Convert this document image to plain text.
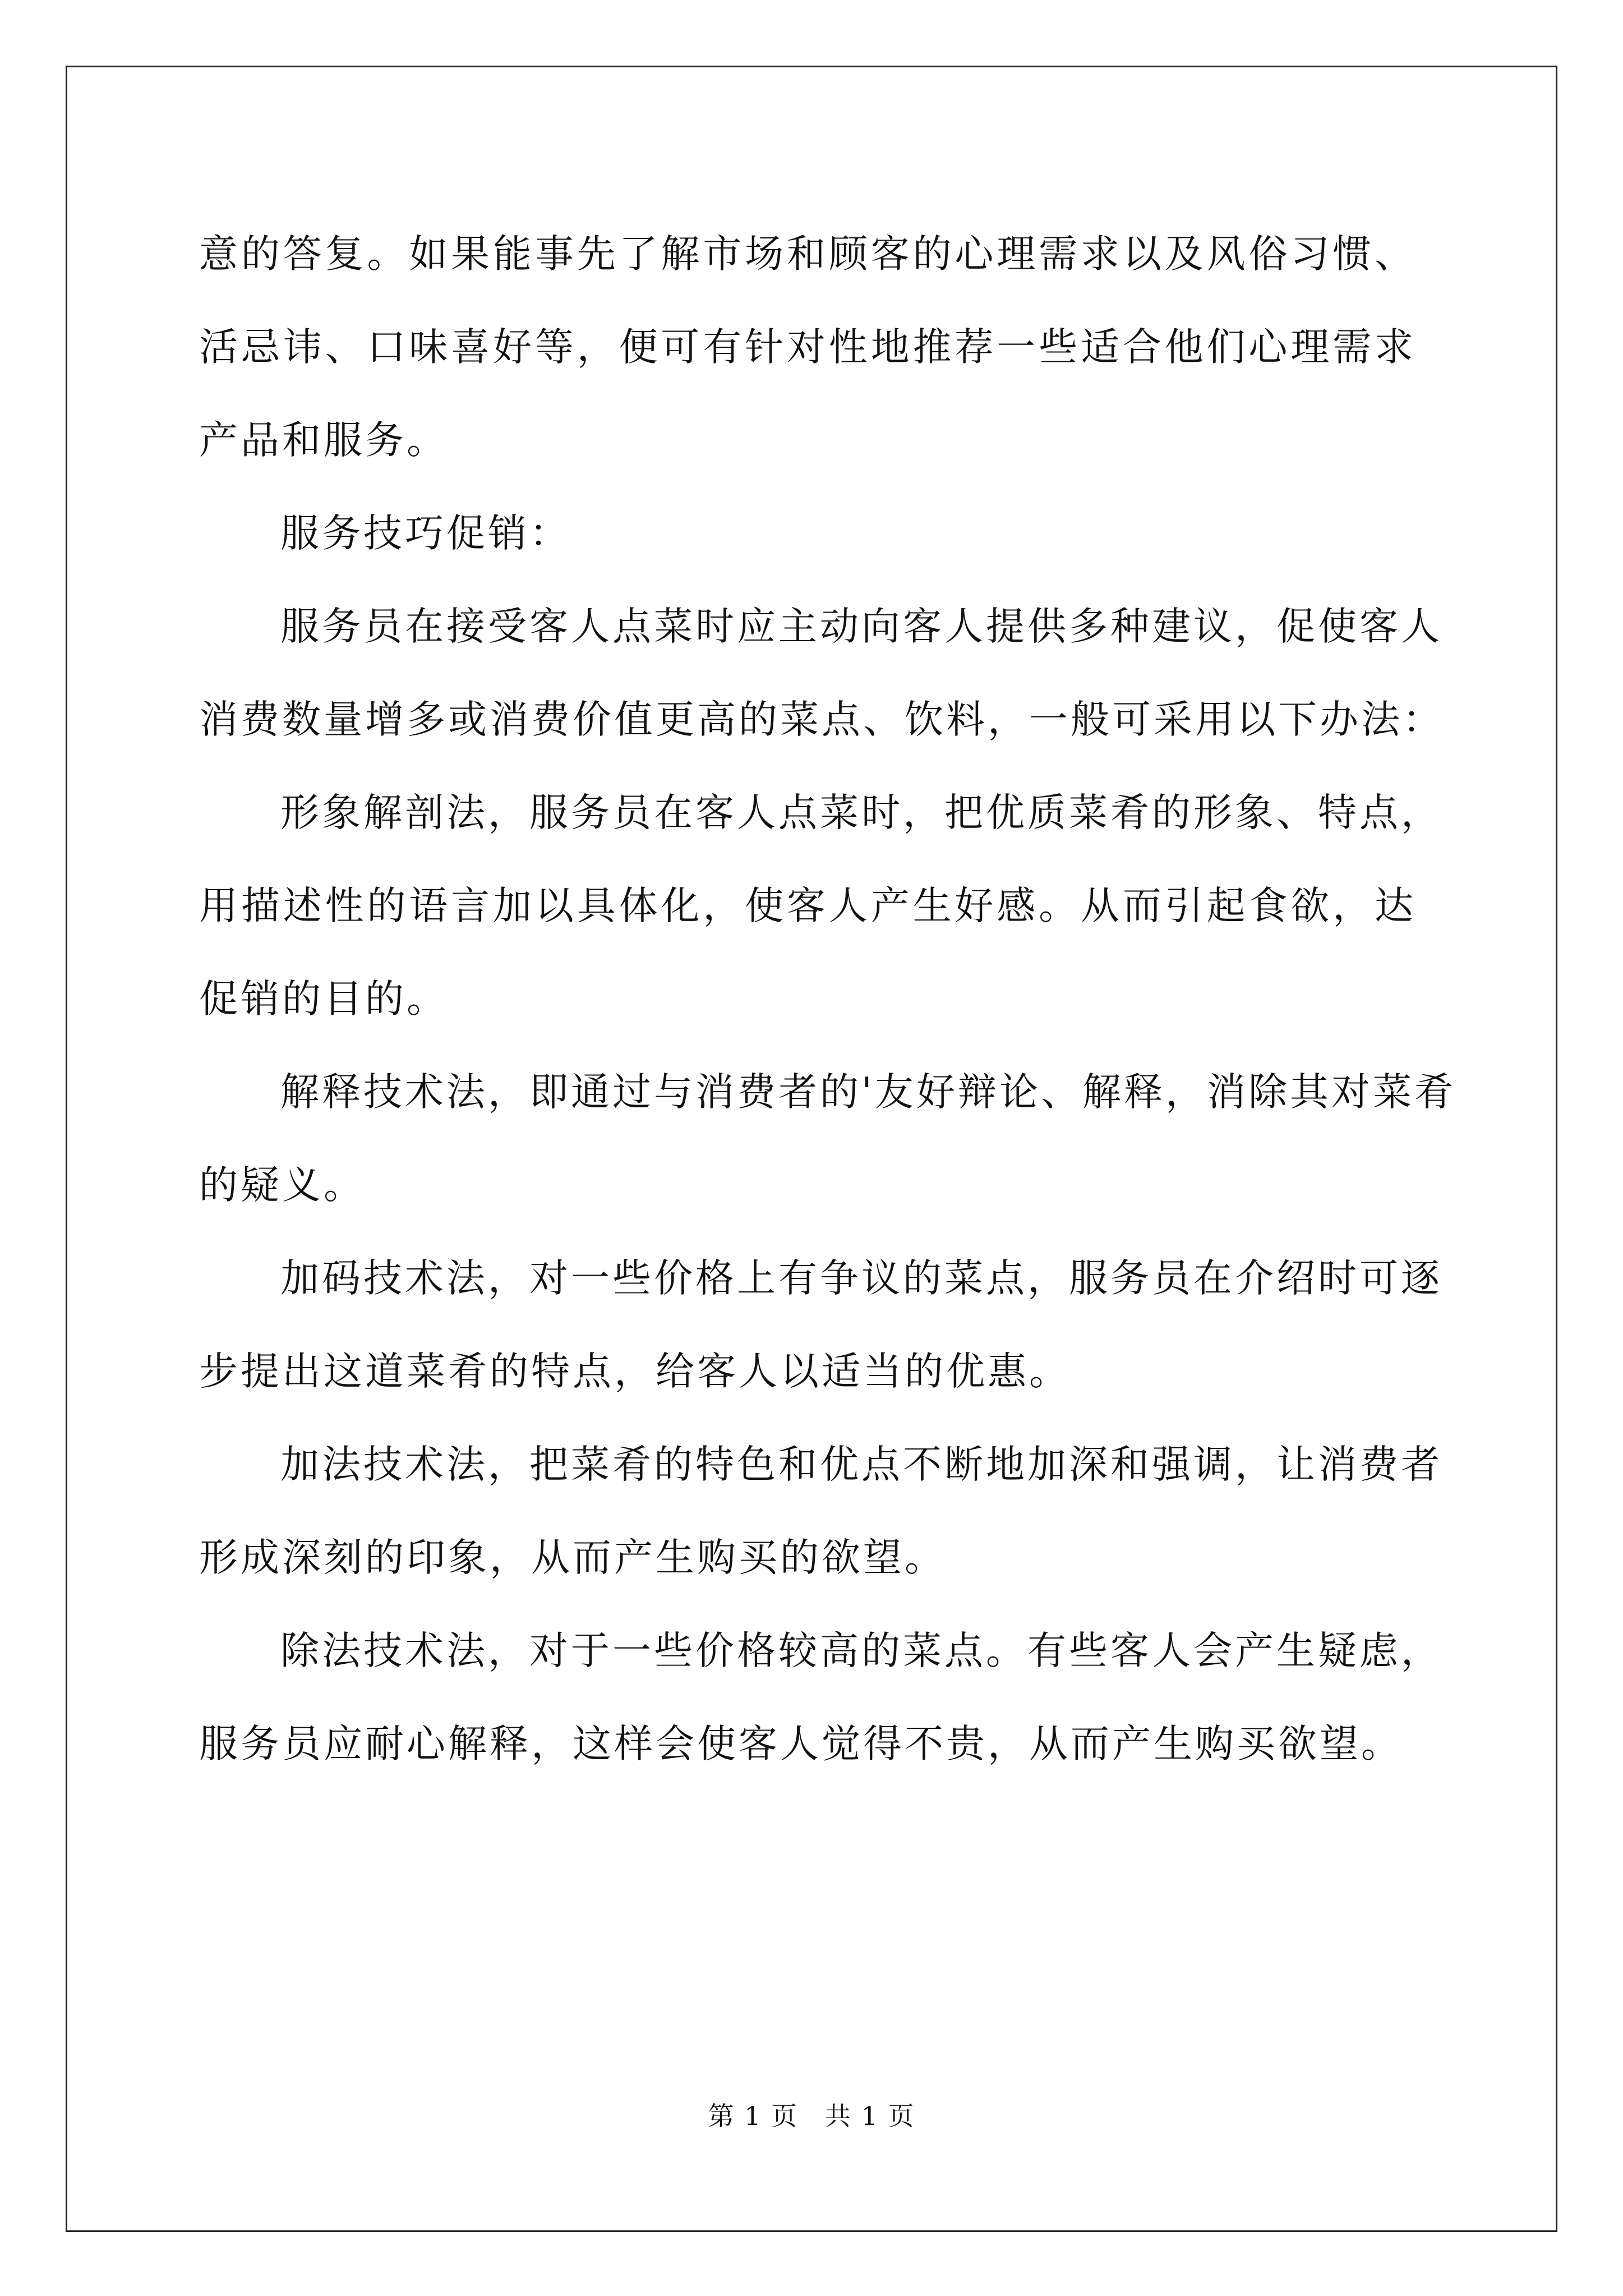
意的答复。如果能事先了解市场和顾客的心理需求以及风俗习惯、
活忌讳、口味喜好等，便可有针对性地推荐一些适合他们心理需求
产品和服务。
服务技巧促销：
服务员在接受客人点菜时应主动向客人提供多种建议，促使客人
消费数量增多或消费价值更高的菜点、饮料，一般可采用以下办法：
形象解剖法，服务员在客人点菜时，把优质菜肴的形象、特点，
用描述性的语言加以具体化，使客人产生好感。从而引起食欲，达
促销的目的。
解释技术法，即通过与消费者的'友好辩论、解释，消除其对菜肴
的疑义。
加码技术法，对一些价格上有争议的菜点，服务员在介绍时可逐
步提出这道菜肴的特点，给客人以适当的优惠。
加法技术法，把菜肴的特色和优点不断地加深和强调，让消费者
形成深刻的印象，从而产生购买的欲望。
除法技术法，对于一些价格较高的菜点。有些客人会产生疑虑，
服务员应耐心解释，这样会使客人觉得不贵，从而产生购买欲望。
第 1 页　共 1 页
